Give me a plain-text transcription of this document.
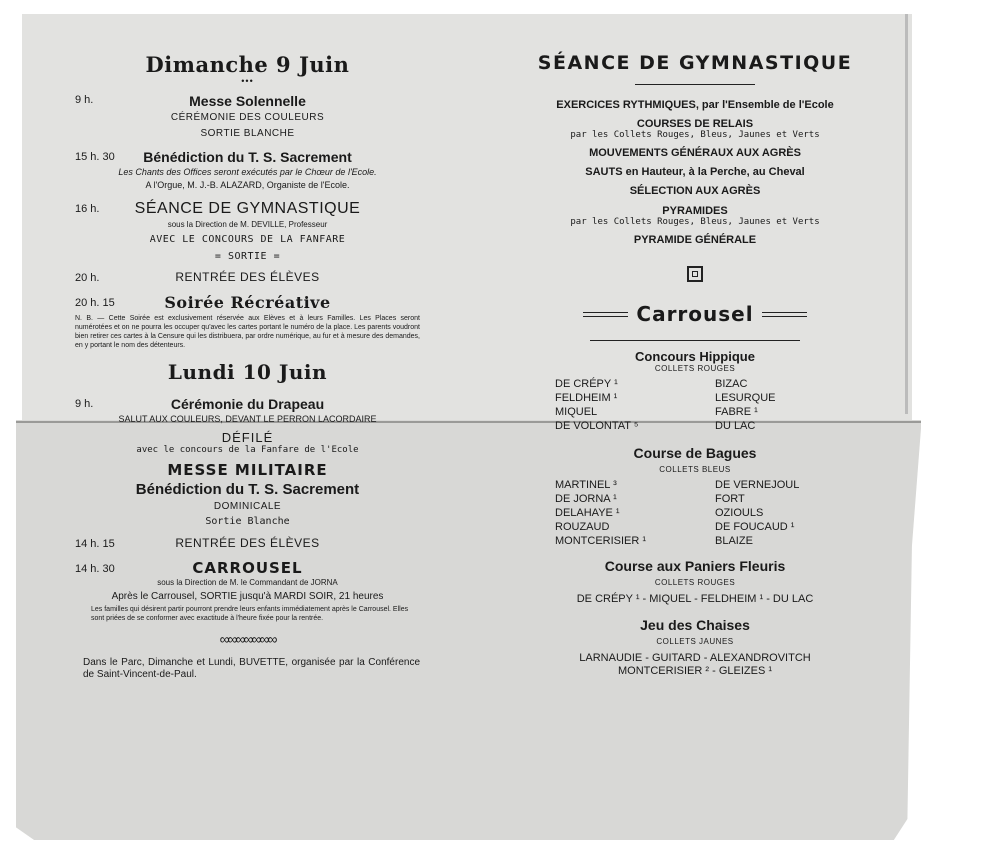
Dimanche 9 Juin
•••
9 h.	Messe Solennelle
CÉRÉMONIE DES COULEURS
SORTIE BLANCHE
15 h. 30	Bénédiction du T. S. Sacrement
Les Chants des Offices seront exécutés par le Chœur de l'Ecole.
A l'Orgue, M. J.-B. ALAZARD, Organiste de l'Ecole.
16 h.	SÉANCE DE GYMNASTIQUE
sous la Direction de M. DEVILLE, Professeur
AVEC LE CONCOURS DE LA FANFARE
= SORTIE =
20 h.	RENTRÉE DES ÉLÈVES
20 h. 15	Soirée Récréative
N. B. — Cette Soirée est exclusivement réservée aux Elèves et à leurs Familles. Les Places seront numérotées et on ne pourra les occuper qu'avec les cartes portant le numéro de la place. Les parents voudront bien retirer ces cartes à la Censure qui les distribuera, par ordre numérique, au fur et à mesure des demandes, en y portant le nom des détenteurs.
Lundi 10 Juin
9 h.	Cérémonie du Drapeau
SALUT AUX COULEURS, DEVANT LE PERRON LACORDAIRE
DÉFILÉ
avec le concours de la Fanfare de l'Ecole
MESSE MILITAIRE
Bénédiction du T. S. Sacrement
DOMINICALE
Sortie Blanche
14 h. 15	RENTRÉE DES ÉLÈVES
14 h. 30	CARROUSEL
sous la Direction de M. le Commandant de JORNA
Après le Carrousel, SORTIE jusqu'à MARDI SOIR, 21 heures
Les familles qui désirent partir pourront prendre leurs enfants immédiatement après le Carrousel. Elles sont priées de se conformer avec exactitude à l'heure fixée pour la rentrée.
∞∞∞∞∞∞∞
Dans le Parc, Dimanche et Lundi, BUVETTE, organisée par la Conférence de Saint-Vincent-de-Paul.
SÉANCE DE GYMNASTIQUE
EXERCICES RYTHMIQUES, par l'Ensemble de l'Ecole
COURSES DE RELAIS
par les Collets Rouges, Bleus, Jaunes et Verts
MOUVEMENTS GÉNÉRAUX AUX AGRÈS
SAUTS en Hauteur, à la Perche, au Cheval
SÉLECTION AUX AGRÈS
PYRAMIDES
par les Collets Rouges, Bleus, Jaunes et Verts
PYRAMIDE GÉNÉRALE
Carrousel
Concours Hippique
COLLETS ROUGES
DE CRÉPY ¹	BIZAC
FELDHEIM ¹	LESURQUE
MIQUEL	FABRE ¹
DE VOLONTAT ⁵	DU LAC
Course de Bagues
COLLETS BLEUS
MARTINEL ³	DE VERNEJOUL
DE JORNA ¹	FORT
DELAHAYE ¹	OZIOULS
ROUZAUD	DE FOUCAUD ¹
MONTCERISIER ¹	BLAIZE
Course aux Paniers Fleuris
COLLETS ROUGES
DE CRÉPY ¹ - MIQUEL - FELDHEIM ¹ - DU LAC
Jeu des Chaises
COLLETS JAUNES
LARNAUDIE - GUITARD - ALEXANDROVITCH
MONTCERISIER ² - GLEIZES ¹
